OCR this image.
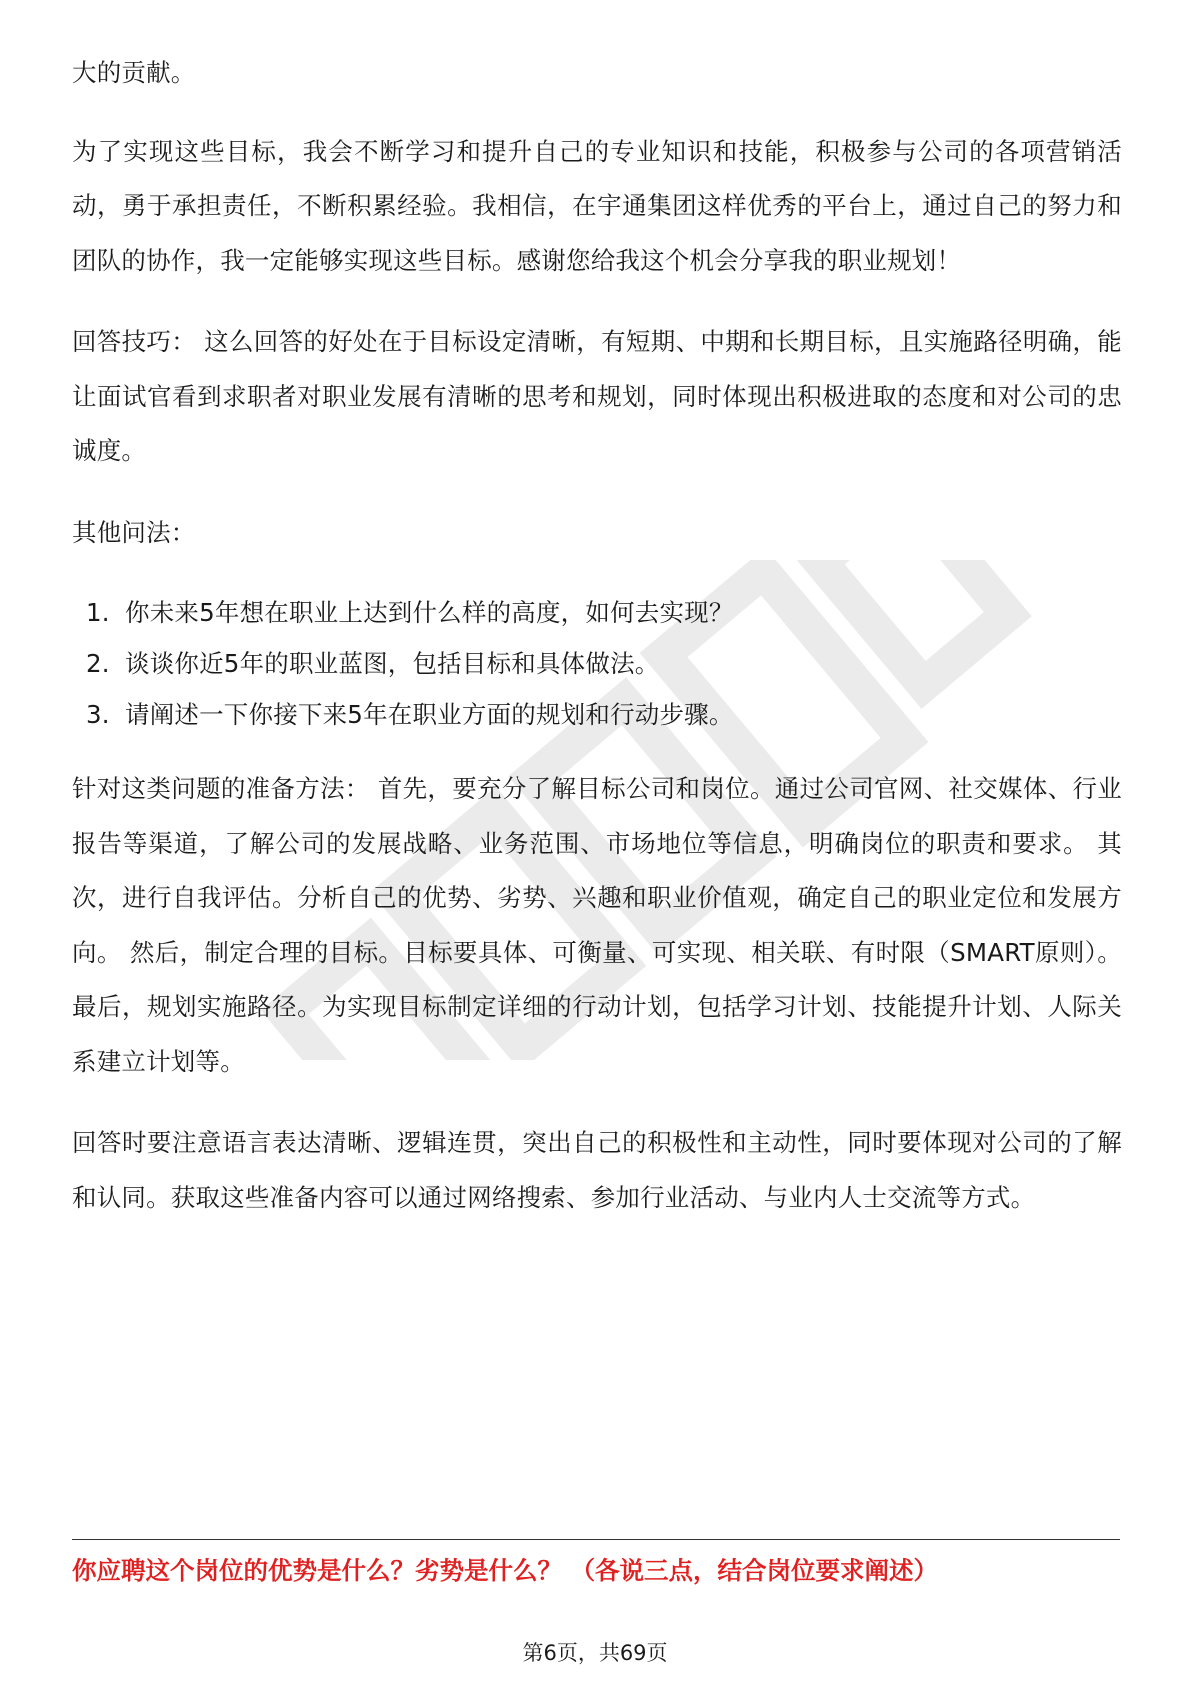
大的贡献。

为了实现这些目标，我会不断学习和提升自己的专业知识和技能，积极参与公司的各项营销活动，勇于承担责任，不断积累经验。我相信，在宇通集团这样优秀的平台上，通过自己的努力和团队的协作，我一定能够实现这些目标。感谢您给我这个机会分享我的职业规划！

回答技巧： 这么回答的好处在于目标设定清晰，有短期、中期和长期目标，且实施路径明确，能让面试官看到求职者对职业发展有清晰的思考和规划，同时体现出积极进取的态度和对公司的忠诚度。

其他问法：

1. 你未来5年想在职业上达到什么样的高度，如何去实现？
2. 谈谈你近5年的职业蓝图，包括目标和具体做法。
3. 请阐述一下你接下来5年在职业方面的规划和行动步骤。

针对这类问题的准备方法： 首先，要充分了解目标公司和岗位。通过公司官网、社交媒体、行业报告等渠道，了解公司的发展战略、业务范围、市场地位等信息，明确岗位的职责和要求。 其次，进行自我评估。分析自己的优势、劣势、兴趣和职业价值观，确定自己的职业定位和发展方向。 然后，制定合理的目标。目标要具体、可衡量、可实现、相关联、有时限（SMART原则）。 最后，规划实施路径。为实现目标制定详细的行动计划，包括学习计划、技能提升计划、人际关系建立计划等。

回答时要注意语言表达清晰、逻辑连贯，突出自己的积极性和主动性，同时要体现对公司的了解和认同。获取这些准备内容可以通过网络搜索、参加行业活动、与业内人士交流等方式。

你应聘这个岗位的优势是什么？劣势是什么？ （各说三点，结合岗位要求阐述）
第6页，共69页
